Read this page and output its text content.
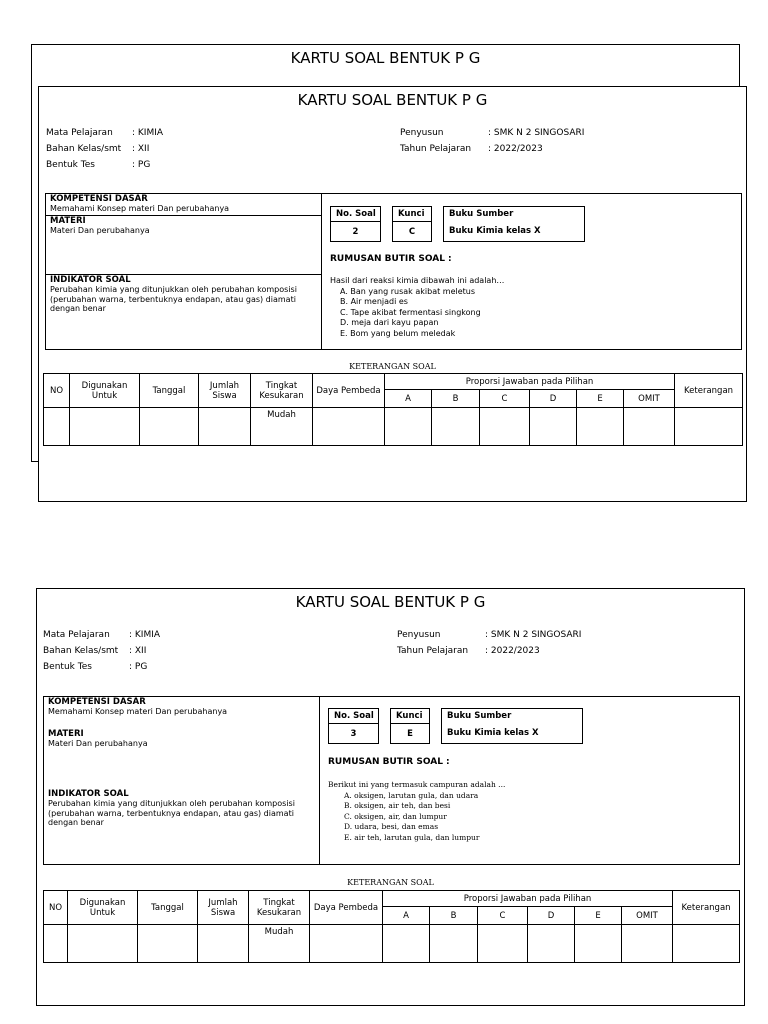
KARTU SOAL BENTUK P G
KARTU SOAL BENTUK P G
Mata Pelajaran	: KIMIA
Bahan Kelas/smt	: XII
Bentuk Tes	: PG
Penyusun	: SMK N 2 SINGOSARI
Tahun Pelajaran	: 2022/2023
KOMPETENSI DASAR
Memahami Konsep materi Dan perubahanya
MATERI
Materi Dan perubahanya
INDIKATOR SOAL
Perubahan kimia yang ditunjukkan oleh perubahan komposisi (perubahan warna, terbentuknya endapan, atau gas) diamati dengan benar
No. Soal
2
Kunci
C
Buku Sumber
Buku Kimia kelas X
RUMUSAN BUTIR SOAL :
Hasil dari reaksi kimia dibawah ini adalah…
A. Ban yang rusak akibat meletus
B. Air menjadi es
C. Tape akibat fermentasi singkong
D. meja dari kayu papan
E. Bom yang belum meledak
KETERANGAN SOAL
NO	Digunakan Untuk	Tanggal	Jumlah Siswa	Tingkat Kesukaran	Daya Pembeda	Proporsi Jawaban pada Pilihan						Keterangan
						A	B	C	D	E	OMIT	
				Mudah								
KARTU SOAL BENTUK P G
Mata Pelajaran	: KIMIA
Bahan Kelas/smt	: XII
Bentuk Tes	: PG
Penyusun	: SMK N 2 SINGOSARI
Tahun Pelajaran	: 2022/2023
KOMPETENSI DASAR
Memahami Konsep materi Dan perubahanya
MATERI
Materi Dan perubahanya
INDIKATOR SOAL
Perubahan kimia yang ditunjukkan oleh perubahan komposisi (perubahan warna, terbentuknya endapan, atau gas) diamati dengan benar
No. Soal
3
Kunci
E
Buku Sumber
Buku Kimia kelas X
RUMUSAN BUTIR SOAL :
Berikut ini yang termasuk campuran adalah ...
A. oksigen, larutan gula, dan udara
B. oksigen, air teh, dan besi
C. oksigen, air, dan lumpur
D. udara, besi, dan emas
E. air teh, larutan gula, dan lumpur
KETERANGAN SOAL
NO	Digunakan Untuk	Tanggal	Jumlah Siswa	Tingkat Kesukaran	Daya Pembeda	Proporsi Jawaban pada Pilihan						Keterangan
						A	B	C	D	E	OMIT	
				Mudah								
